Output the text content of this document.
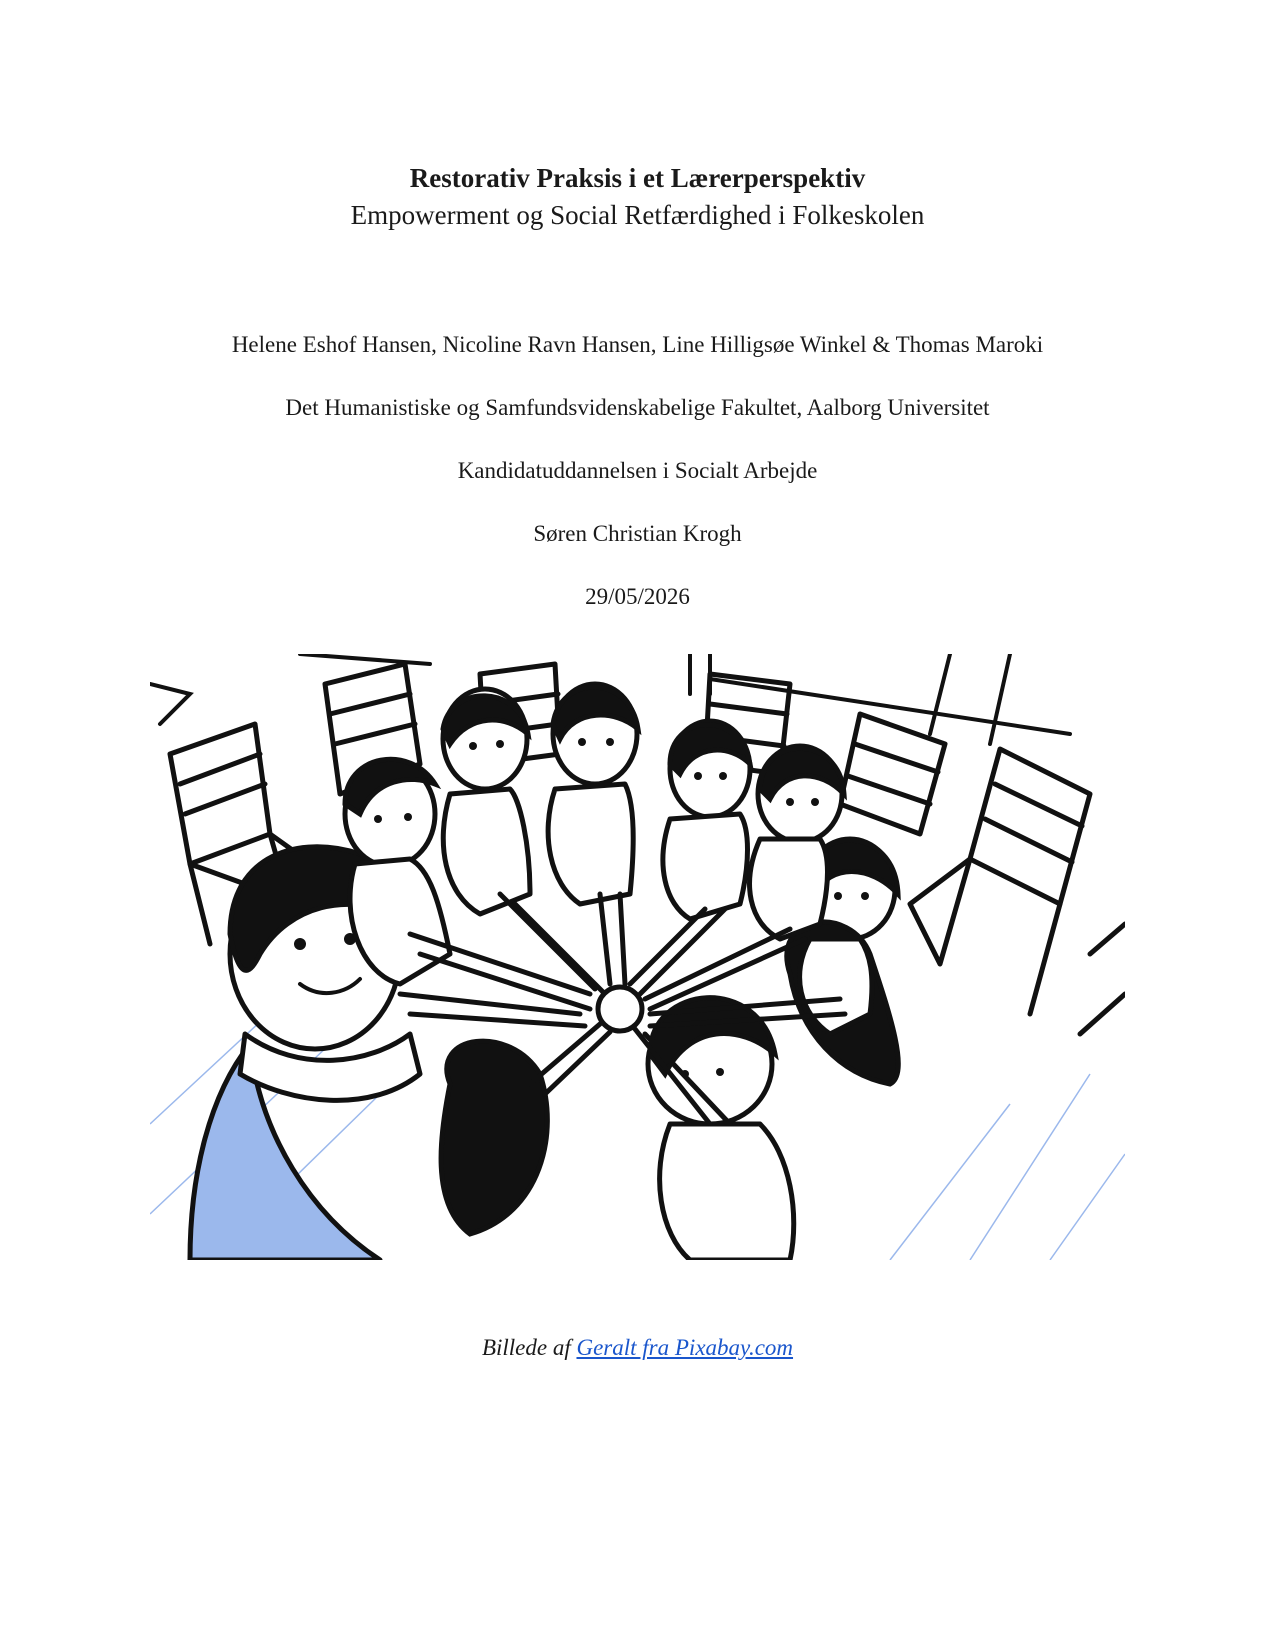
Restorativ Praksis i et Lærerperspektiv
Empowerment og Social Retfærdighed i Folkeskolen
Helene Eshof Hansen, Nicoline Ravn Hansen, Line Hilligsøe Winkel & Thomas Maroki
Det Humanistiske og Samfundsvidenskabelige Fakultet, Aalborg Universitet
Kandidatuddannelsen i Socialt Arbejde
Søren Christian Krogh
29/05/2026
Billede af Geralt fra Pixabay.com
